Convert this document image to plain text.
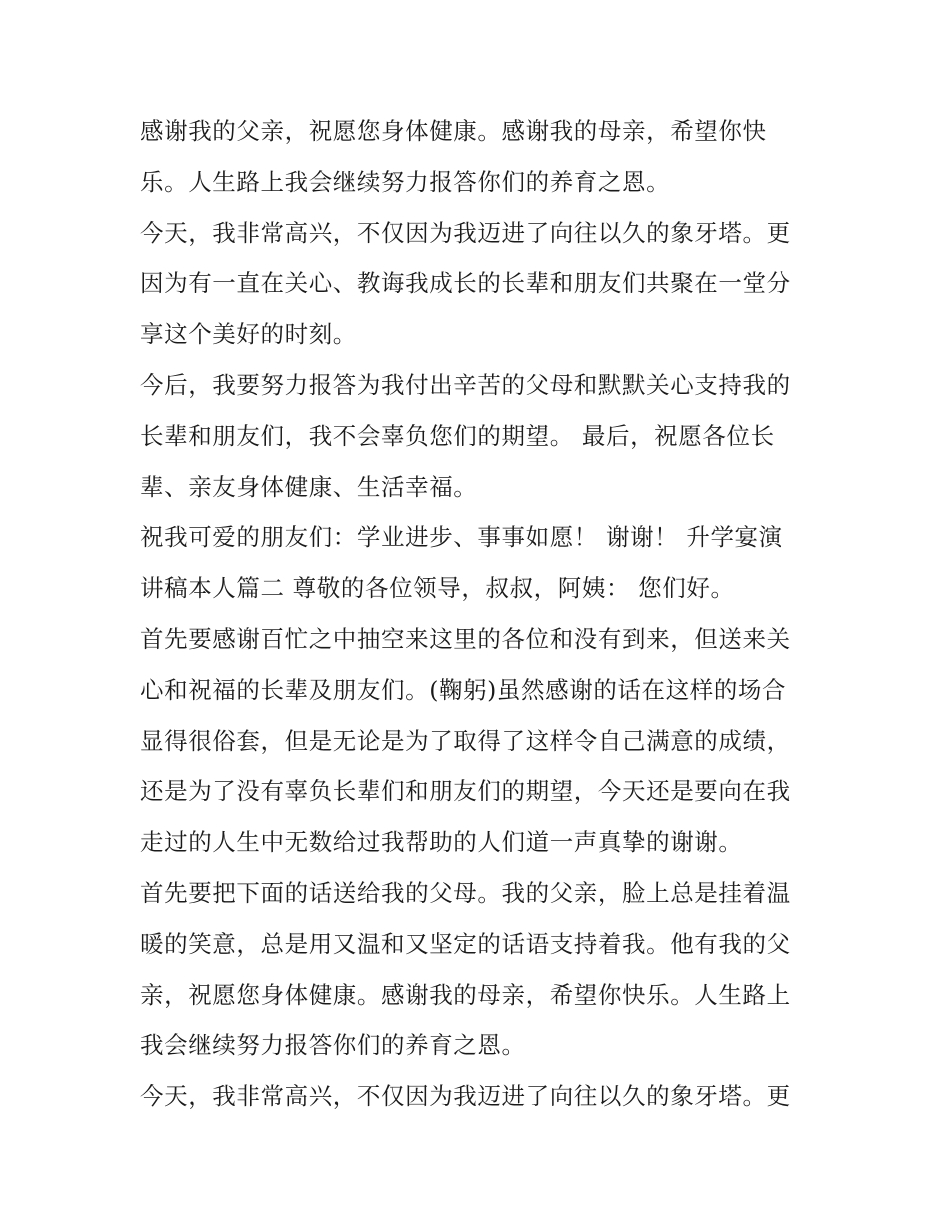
感谢我的父亲，祝愿您身体健康。感谢我的母亲，希望你快
乐。人生路上我会继续努力报答你们的养育之恩。
今天，我非常高兴，不仅因为我迈进了向往以久的象牙塔。更
因为有一直在关心、教诲我成长的长辈和朋友们共聚在一堂分
享这个美好的时刻。
今后，我要努力报答为我付出辛苦的父母和默默关心支持我的
长辈和朋友们，我不会辜负您们的期望。 最后，祝愿各位长
辈、亲友身体健康、生活幸福。
祝我可爱的朋友们：学业进步、事事如愿！ 谢谢！ 升学宴演
讲稿本人篇二 尊敬的各位领导，叔叔，阿姨： 您们好。
首先要感谢百忙之中抽空来这里的各位和没有到来，但送来关
心和祝福的长辈及朋友们。(鞠躬)虽然感谢的话在这样的场合
显得很俗套，但是无论是为了取得了这样令自己满意的成绩，
还是为了没有辜负长辈们和朋友们的期望，今天还是要向在我
走过的人生中无数给过我帮助的人们道一声真挚的谢谢。
首先要把下面的话送给我的父母。我的父亲，脸上总是挂着温
暖的笑意，总是用又温和又坚定的话语支持着我。他有我的父
亲，祝愿您身体健康。感谢我的母亲，希望你快乐。人生路上
我会继续努力报答你们的养育之恩。
今天，我非常高兴，不仅因为我迈进了向往以久的象牙塔。更
